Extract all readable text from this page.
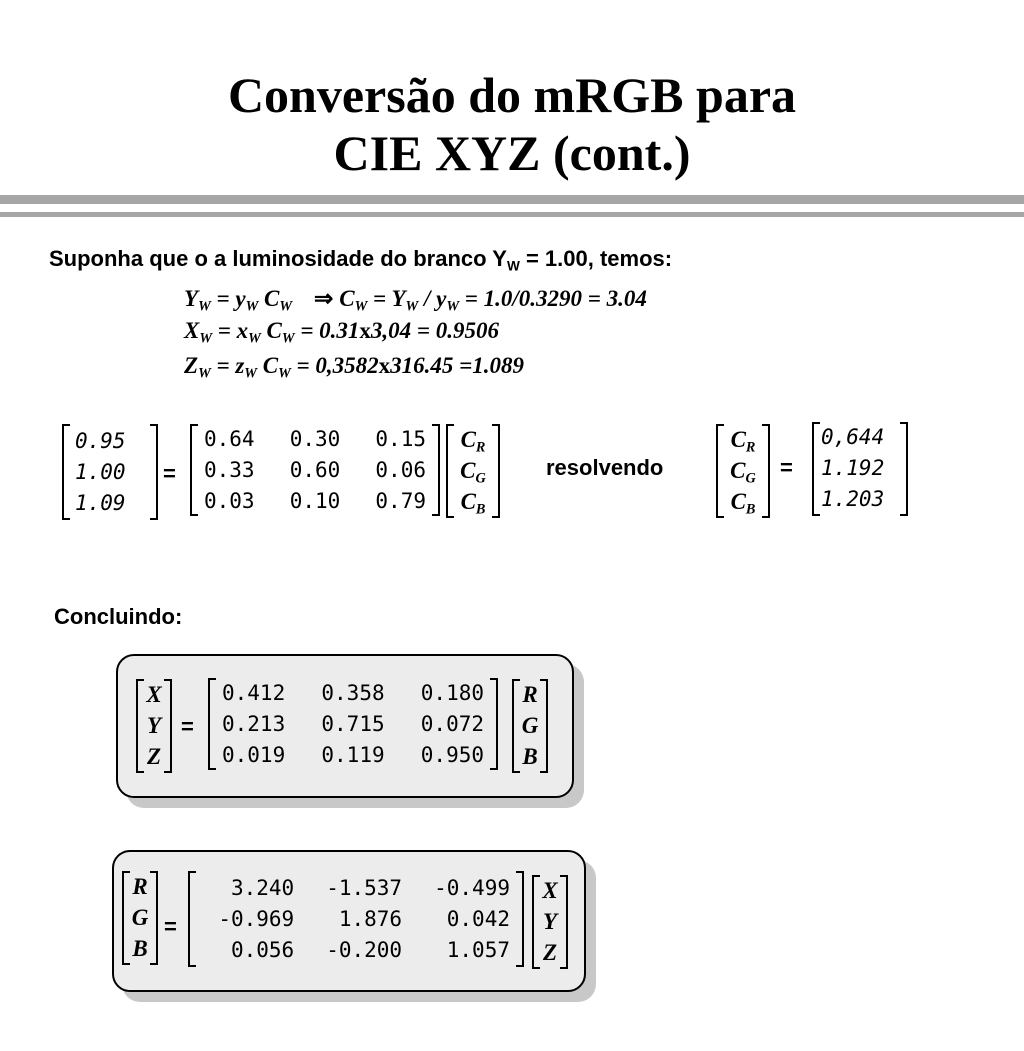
Conversão do mRGB para
CIE XYZ (cont.)
Suponha que o a luminosidade do branco $Y_W = 1.00$, temos:
$Y_W = y_W$ $C_W$ ⇒ $C_W = Y_W / y_W = 1.0/0.3290 = 3.04$
$X_W = x_W$ $C_W = 0.31x3,04 = 0.9506$
$Z_W = z_W$ $C_W = 0,3582x316.45 =1.089$
0.95
1.00
1.09
=
0.64 0.30 0.15
0.33 0.60 0.06
0.03 0.10 0.79
$C_R$
$C_G$
$C_B$
resolvendo
$C_R$
$C_G$
$C_B$
=
0,644
1.192
1.203
Concluindo:
X
Y
Z
=
0.412 0.358 0.180
0.213 0.715 0.072
0.019 0.119 0.950
R
G
B
R
G
B
=
3.240	-1.537	-0.499
-0.969	1.876	0.042
0.056	-0.200	1.057
X
Y
Z
